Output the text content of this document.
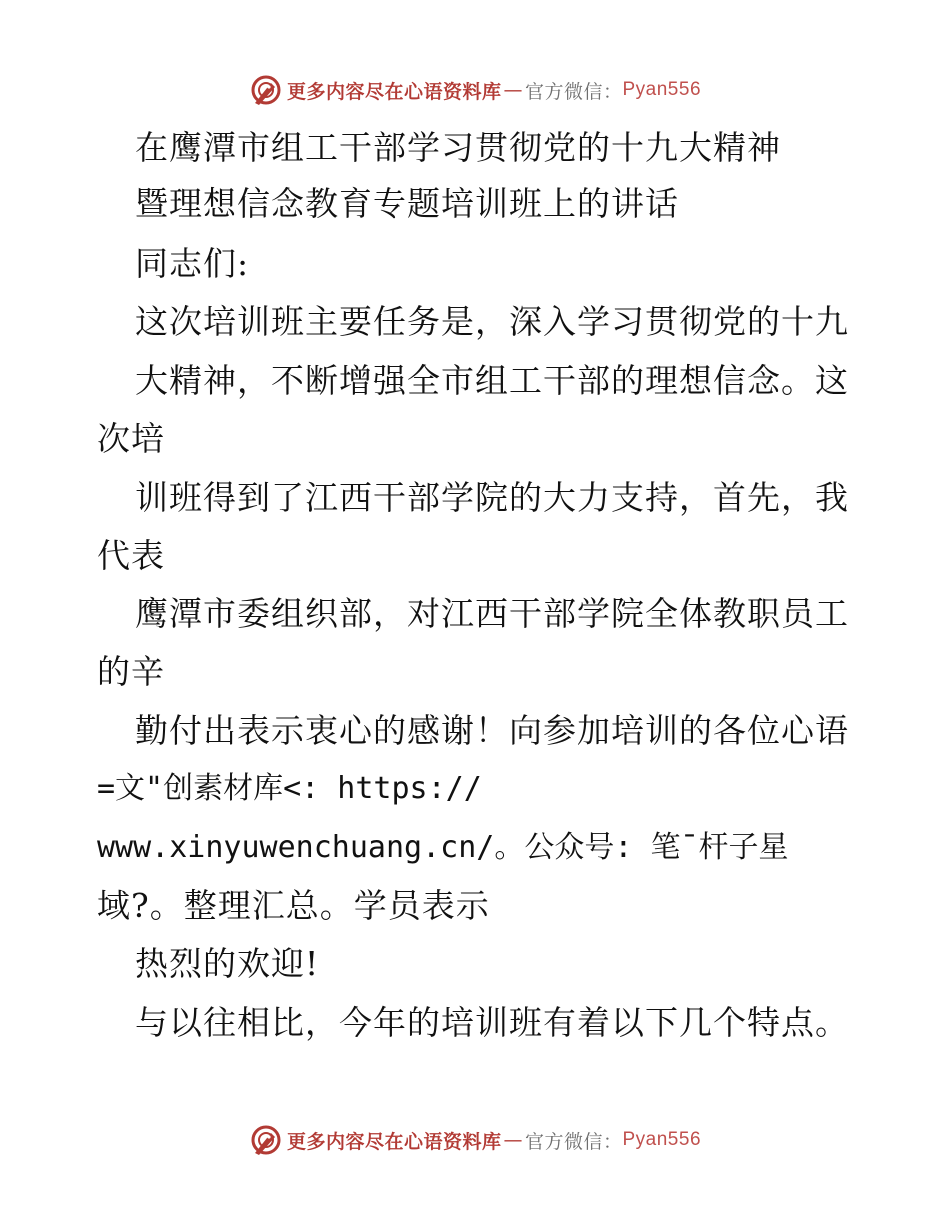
更多内容尽在心语资料库 — 官方微信： Pyan556
在鹰潭市组工干部学习贯彻党的十九大精神
暨理想信念教育专题培训班上的讲话
同志们:
这次培训班主要任务是，深入学习贯彻党的十九
大精神，不断增强全市组工干部的理想信念。这
次培
训班得到了江西干部学院的大力支持，首先，我
代表
鹰潭市委组织部，对江西干部学院全体教职员工
的辛
勤付出表示衷心的感谢！向参加培训的各位心语
=文"创素材库<: https://
www.xinyuwenchuang.cn/。公众号: 笔¯杆子星
域?。整理汇总。学员表示
热烈的欢迎!
与以往相比，今年的培训班有着以下几个特点。
更多内容尽在心语资料库 — 官方微信： Pyan556
